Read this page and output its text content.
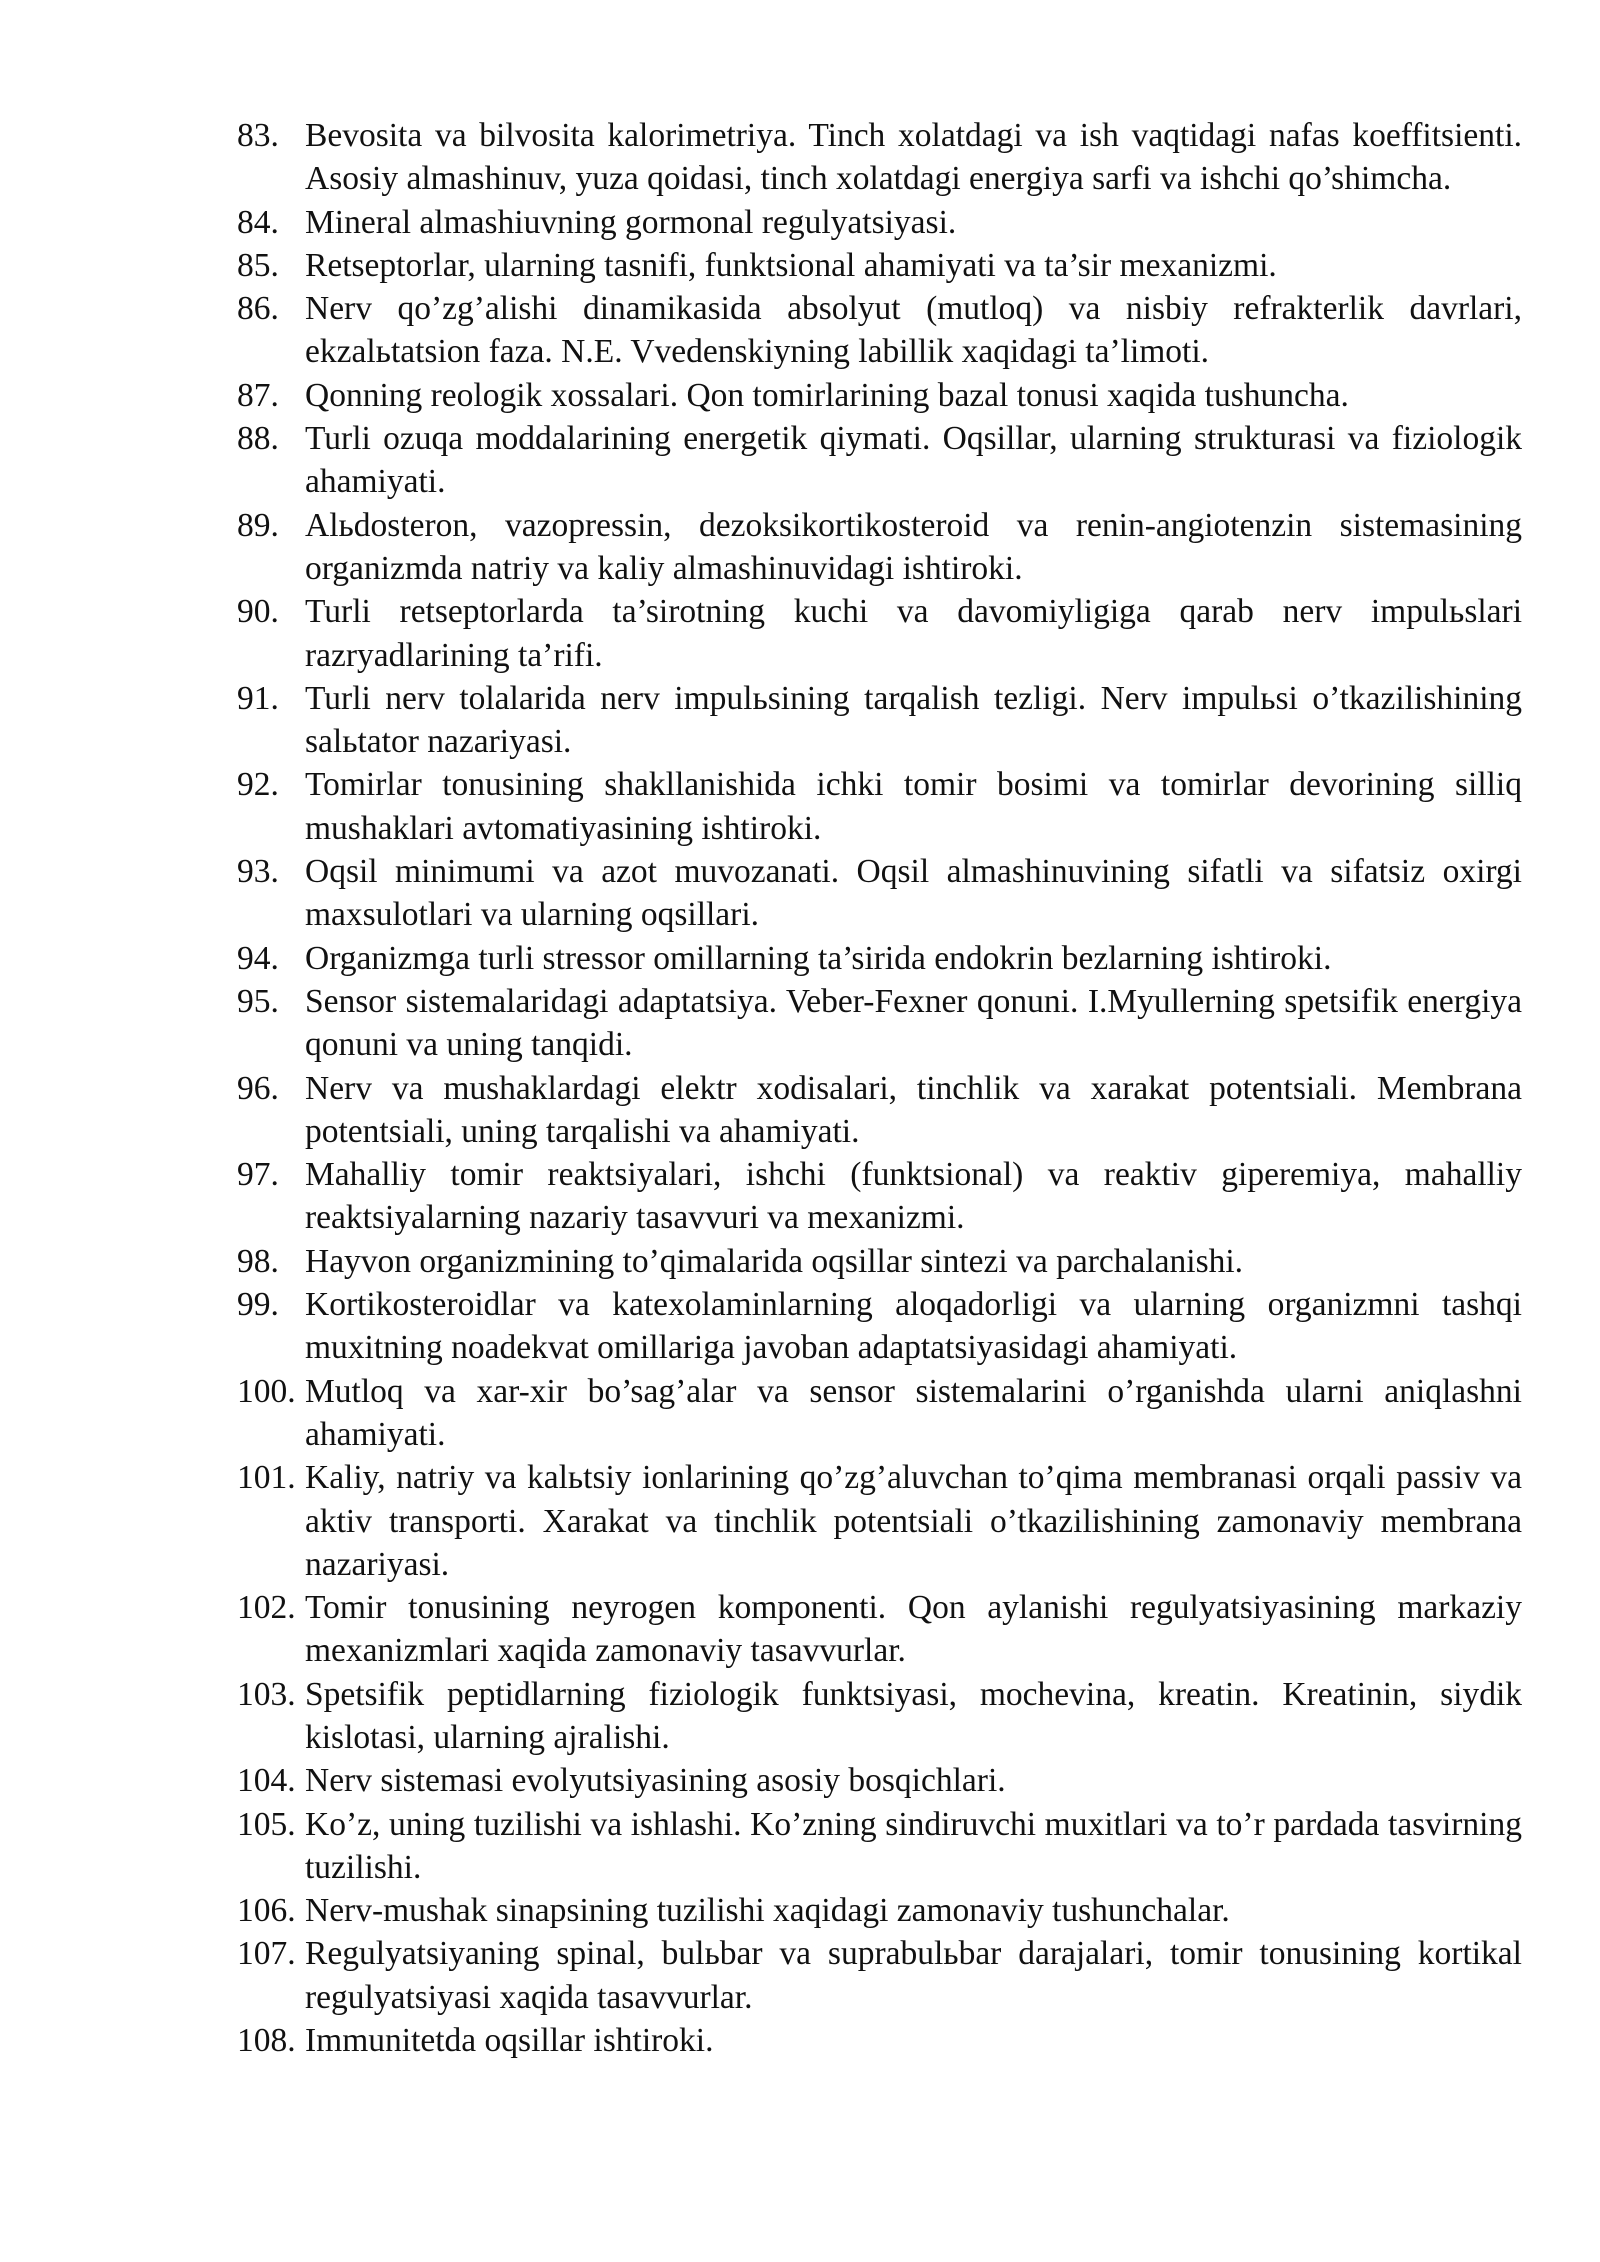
83. Bevosita va bilvosita kalorimetriya. Tinch xolatdagi va ish vaqtidagi nafas koeffitsienti. Asosiy almashinuv, yuza qoidasi, tinch xolatdagi energiya sarfi va ishchi qo’shimcha.
84. Mineral almashiuvning gormonal regulyatsiyasi.
85. Retseptorlar, ularning tasnifi, funktsional ahamiyati va ta’sir mexanizmi.
86. Nerv qo’zg’alishi dinamikasida absolyut (mutloq) va nisbiy refrakterlik davrlari, ekzalьtatsion faza. N.E. Vvedenskiyning labillik xaqidagi ta’limoti.
87. Qonning reologik xossalari. Qon tomirlarining bazal tonusi xaqida tushuncha.
88. Turli ozuqa moddalarining energetik qiymati. Oqsillar, ularning strukturasi va fiziologik ahamiyati.
89. Alьdosteron, vazopressin, dezoksikortikosteroid va renin-angiotenzin sistemasining organizmda natriy va kaliy almashinuvidagi ishtiroki.
90. Turli retseptorlarda ta’sirotning kuchi va davomiyligiga qarab nerv impulьslari razryadlarining ta’rifi.
91. Turli nerv tolalarida nerv impulьsining tarqalish tezligi. Nerv impulьsi o’tkazilishining salьtator nazariyasi.
92. Tomirlar tonusining shakllanishida ichki tomir bosimi va tomirlar devorining silliq mushaklari avtomatiyasining ishtiroki.
93. Oqsil minimumi va azot muvozanati. Oqsil almashinuvining sifatli va sifatsiz oxirgi maxsulotlari va ularning oqsillari.
94. Organizmga turli stressor omillarning ta’sirida endokrin bezlarning ishtiroki.
95. Sensor sistemalaridagi adaptatsiya. Veber-Fexner qonuni. I.Myullerning spetsifik energiya qonuni va uning tanqidi.
96. Nerv va mushaklardagi elektr xodisalari, tinchlik va xarakat potentsiali. Membrana potentsiali, uning tarqalishi va ahamiyati.
97. Mahalliy tomir reaktsiyalari, ishchi (funktsional) va reaktiv giperemiya, mahalliy reaktsiyalarning nazariy tasavvuri va mexanizmi.
98. Hayvon organizmining to’qimalarida oqsillar sintezi va parchalanishi.
99. Kortikosteroidlar va katexolaminlarning aloqadorligi va ularning organizmni tashqi muxitning noadekvat omillariga javoban adaptatsiyasidagi ahamiyati.
100. Mutloq va xar-xir bo’sag’alar va sensor sistemalarini o’rganishda ularni aniqlashni ahamiyati.
101. Kaliy, natriy va kalьtsiy ionlarining qo’zg’aluvchan to’qima membranasi orqali passiv va aktiv transporti. Xarakat va tinchlik potentsiali o’tkazilishining zamonaviy membrana nazariyasi.
102. Tomir tonusining neyrogen komponenti. Qon aylanishi regulyatsiyasining markaziy mexanizmlari xaqida zamonaviy tasavvurlar.
103. Spetsifik peptidlarning fiziologik funktsiyasi, mochevina, kreatin. Kreatinin, siydik kislotasi, ularning ajralishi.
104. Nerv sistemasi evolyutsiyasining asosiy bosqichlari.
105. Ko’z, uning tuzilishi va ishlashi. Ko’zning sindiruvchi muxitlari va to’r pardada tasvirning tuzilishi.
106. Nerv-mushak sinapsining tuzilishi xaqidagi zamonaviy tushunchalar.
107. Regulyatsiyaning spinal, bulьbar va suprabulьbar darajalari, tomir tonusining kortikal regulyatsiyasi xaqida tasavvurlar.
108. Immunitetda oqsillar ishtiroki.
